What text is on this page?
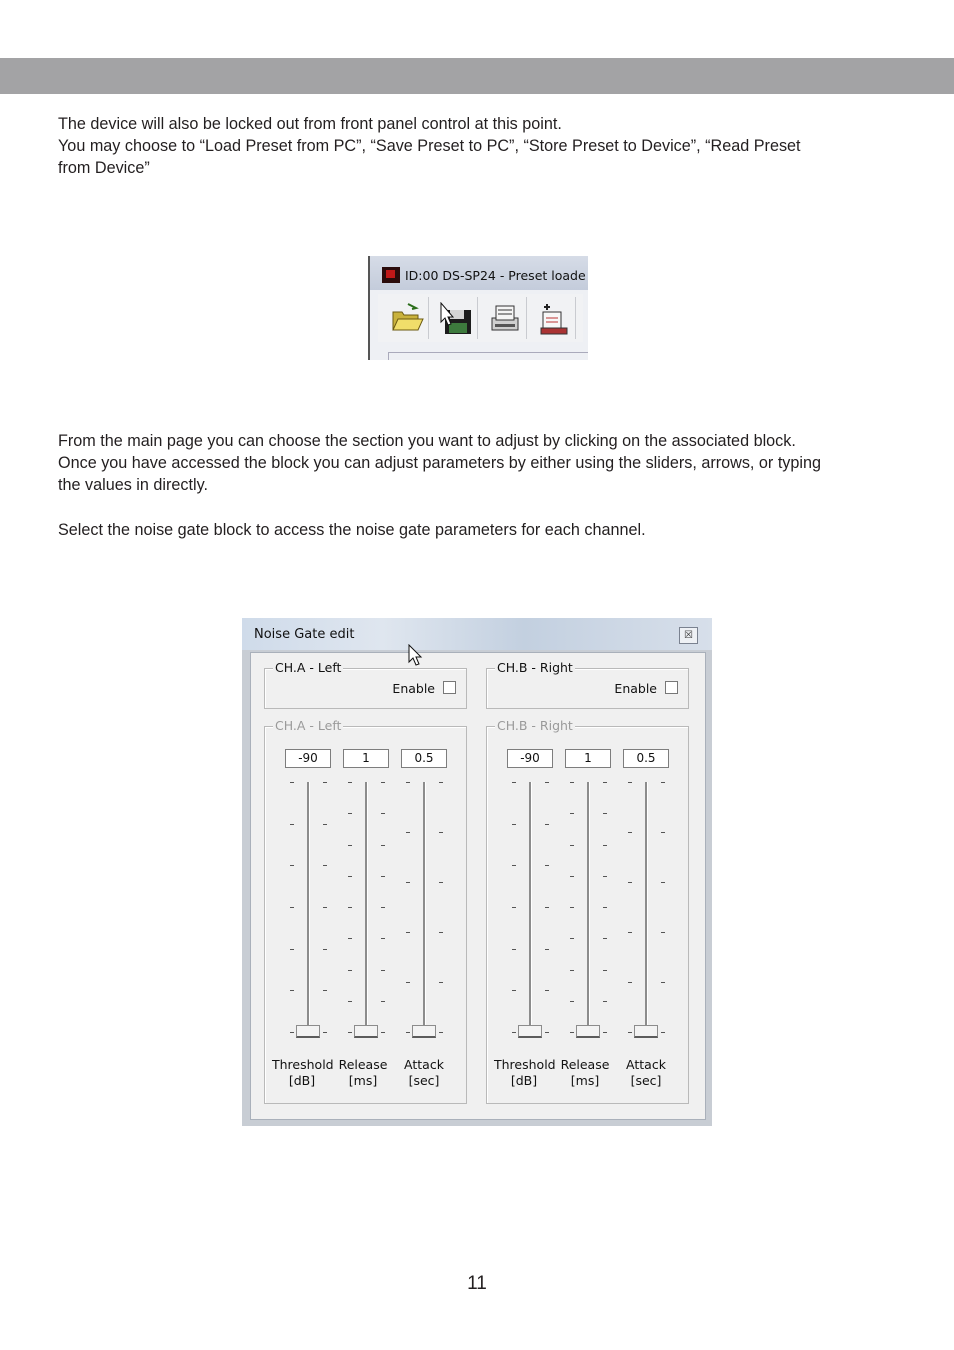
The device will also be locked out from front panel control at this point.
You may choose to “Load Preset from PC”, “Save Preset to PC”, “Store Preset to Device”, “Read Preset
from Device”

ID:00 DS-SP24 - Preset loade

From the main page you can choose the section you want to adjust by clicking on the associated block.
Once you have accessed the block you can adjust parameters by either using the sliders, arrows, or typing
the values in directly.

Select the noise gate block to access the noise gate parameters for each channel.

Noise Gate edit	☒
CH.A - Left
Enable
CH.B - Right
Enable
CH.A - Left
-90	1	0.5
Threshold
[dB]
Release
[ms]
Attack
[sec]
CH.B - Right
-90	1	0.5
Threshold
[dB]
Release
[ms]
Attack
[sec]
11
